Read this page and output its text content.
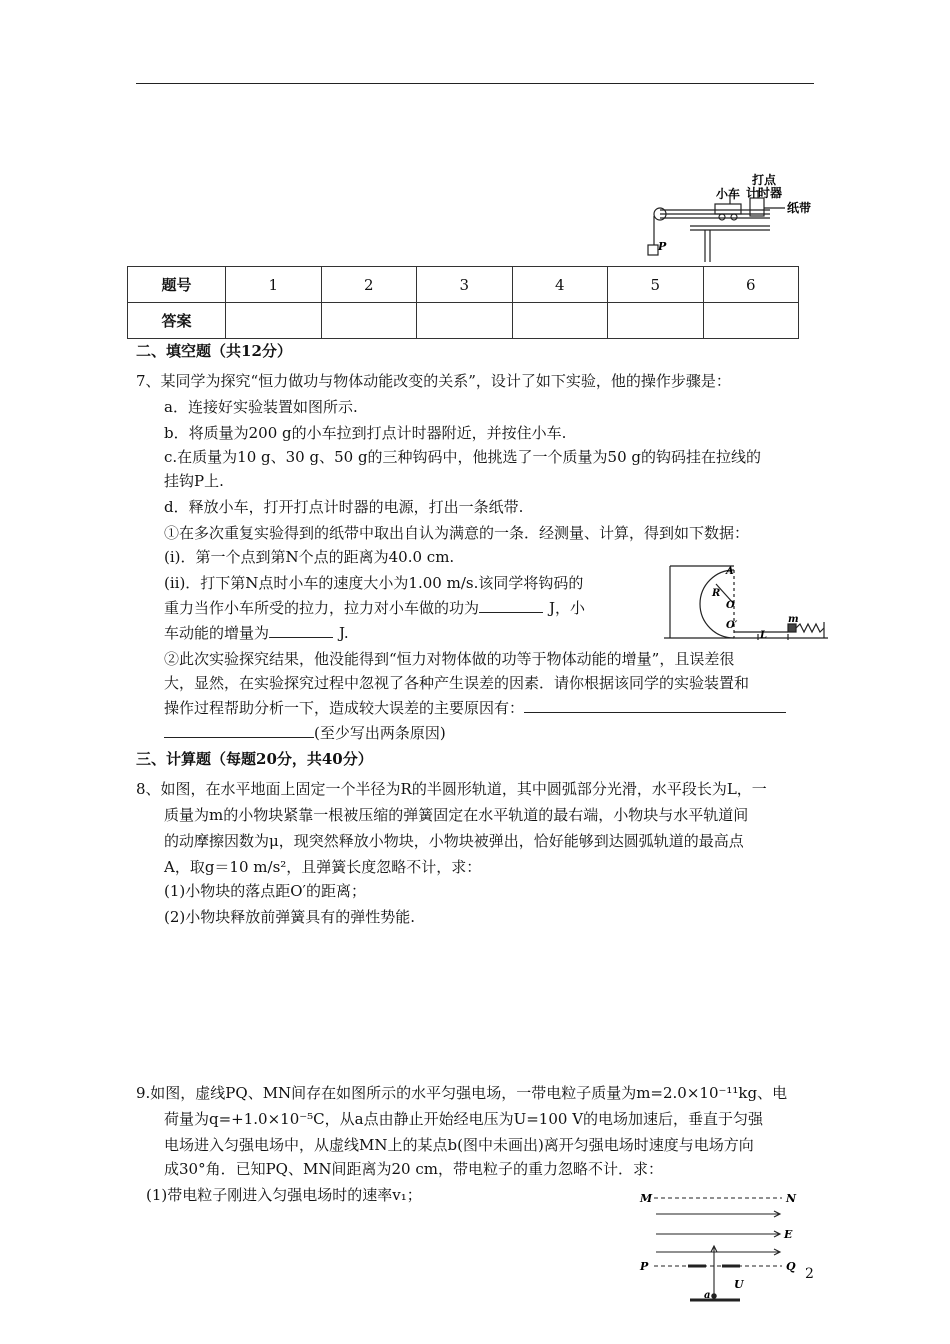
小车
打点
计时器
纸带
P
题号	1	2	3	4	5	6
答案						
二、填空题（共12分）
7、某同学为探究“恒力做功与物体动能改变的关系”，设计了如下实验，他的操作步骤是：
a．连接好实验装置如图所示.
b．将质量为200 g的小车拉到打点计时器附近，并按住小车.
c.在质量为10 g、30 g、50 g的三种钩码中，他挑选了一个质量为50 g的钩码挂在拉线的
挂钩P上.
d．释放小车，打开打点计时器的电源，打出一条纸带.
①在多次重复实验得到的纸带中取出自认为满意的一条．经测量、计算，得到如下数据：
(ⅰ)．第一个点到第N个点的距离为40.0 cm.
(ⅱ)．打下第N点时小车的速度大小为1.00 m/s.该同学将钩码的
重力当作小车所受的拉力，拉力对小车做的功为	J，小
车动能的增量为	J.
A
R
O
O′
L
m
②此次实验探究结果，他没能得到“恒力对物体做的功等于物体动能的增量”，且误差很
大，显然，在实验探究过程中忽视了各种产生误差的因素．请你根据该同学的实验装置和
操作过程帮助分析一下，造成较大误差的主要原因有：
(至少写出两条原因)
三、计算题（每题20分，共40分）
8、如图，在水平地面上固定一个半径为R的半圆形轨道，其中圆弧部分光滑，水平段长为L，一
质量为m的小物块紧靠一根被压缩的弹簧固定在水平轨道的最右端，小物块与水平轨道间
的动摩擦因数为μ，现突然释放小物块，小物块被弹出，恰好能够到达圆弧轨道的最高点
A，取g＝10 m/s²，且弹簧长度忽略不计，求：
(1)小物块的落点距O′的距离；
(2)小物块释放前弹簧具有的弹性势能.
9.如图，虚线PQ、MN间存在如图所示的水平匀强电场，一带电粒子质量为m=2.0×10⁻¹¹kg、电
荷量为q=+1.0×10⁻⁵C，从a点由静止开始经电压为U=100 V的电场加速后，垂直于匀强
电场进入匀强电场中，从虚线MN上的某点b(图中未画出)离开匀强电场时速度与电场方向
成30°角．已知PQ、MN间距离为20 cm，带电粒子的重力忽略不计．求：
(1)带电粒子刚进入匀强电场时的速率v₁；	M	N
E
P	Q
U
a
2
